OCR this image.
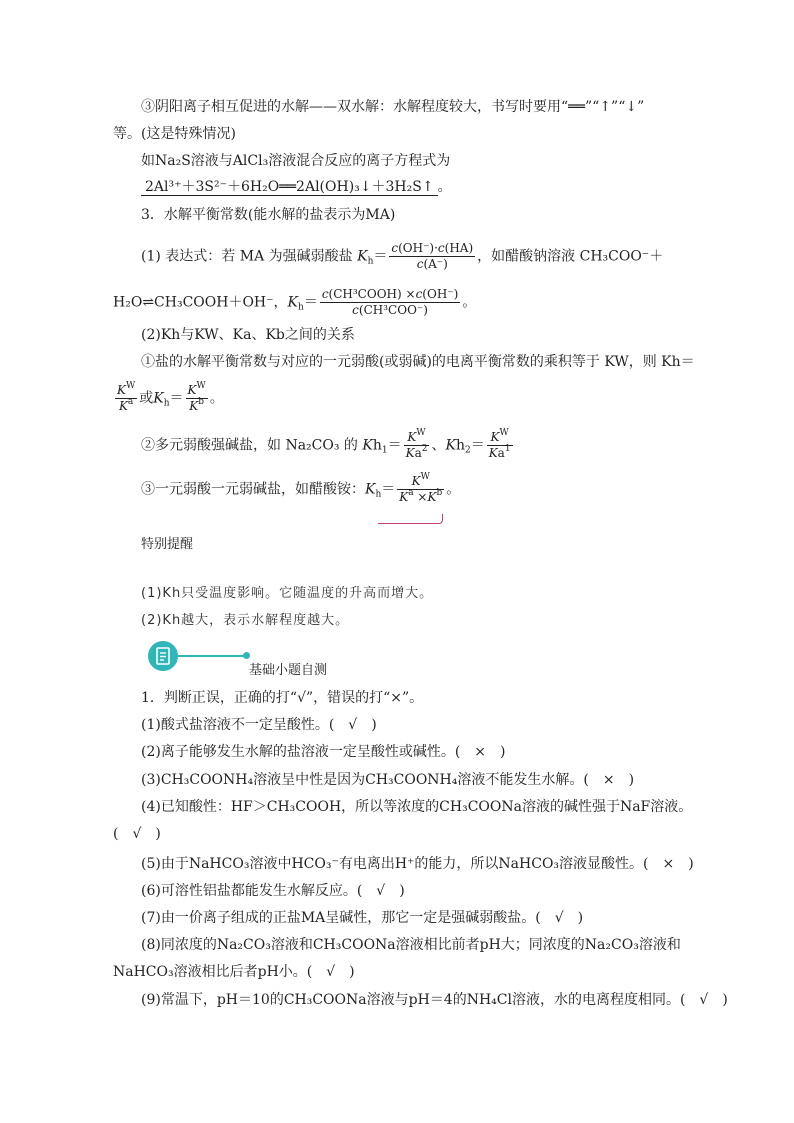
③阴阳离子相互促进的水解——双水解：水解程度较大，书写时要用“══”“↑”“↓”
等。(这是特殊情况)
如Na₂S溶液与AlCl₃溶液混合反应的离子方程式为
2Al³⁺＋3S²⁻＋6H₂O══2Al(OH)₃↓＋3H₂S↑ 。
3．水解平衡常数(能水解的盐表示为MA)
(1) 表达式：若 MA 为强碱弱酸盐 $K_h= \frac{c(OH^-)\cdot c(HA)}{c(A^-)}$ ，如醋酸钠溶液 CH₃COO⁻＋
H₂O⇌CH₃COOH＋OH⁻，$K_h= \frac{\text{c(CH³COOH) ×c(OH⁻)}}{\text{c(CH³COO⁻)}}$ 。
(2)Kh与KW、Ka、Kb之间的关系
①盐的水解平衡常数与对应的一元弱酸(或弱碱)的电离平衡常数的乘积等于 KW，则 Kh＝
$\frac{K^W}{K^a}$ 或$K_h= \frac{K^W}{K^b}$ 。
②多元弱酸强碱盐，如 Na₂CO₃ 的 $Kh_1= \frac{K^W}{Ka^2}$ 、$Kh_2= \frac{K^W}{Ka^1}$
③一元弱酸一元弱碱盐，如醋酸铵：$K_h= \frac{K^W}{K^a \times K^b}$ 。
特别提醒
(1)Kh只受温度影响。它随温度的升高而增大。
(2)Kh越大，表示水解程度越大。
基础小题自测
1．判断正误，正确的打“√”，错误的打“×”。
(1)酸式盐溶液不一定呈酸性。(　√　)
(2)离子能够发生水解的盐溶液一定呈酸性或碱性。(　×　)
(3)CH₃COONH₄溶液呈中性是因为CH₃COONH₄溶液不能发生水解。(　×　)
(4)已知酸性：HF＞CH₃COOH，所以等浓度的CH₃COONa溶液的碱性强于NaF溶液。
(　√　)
(5)由于NaHCO₃溶液中HCO₃⁻有电离出H⁺的能力，所以NaHCO₃溶液显酸性。(　×　)
(6)可溶性铝盐都能发生水解反应。(　√　)
(7)由一价离子组成的正盐MA呈碱性，那它一定是强碱弱酸盐。(　√　)
(8)同浓度的Na₂CO₃溶液和CH₃COONa溶液相比前者pH大；同浓度的Na₂CO₃溶液和
NaHCO₃溶液相比后者pH小。(　√　)
(9)常温下，pH＝10的CH₃COONa溶液与pH＝4的NH₄Cl溶液，水的电离程度相同。(　√　)
